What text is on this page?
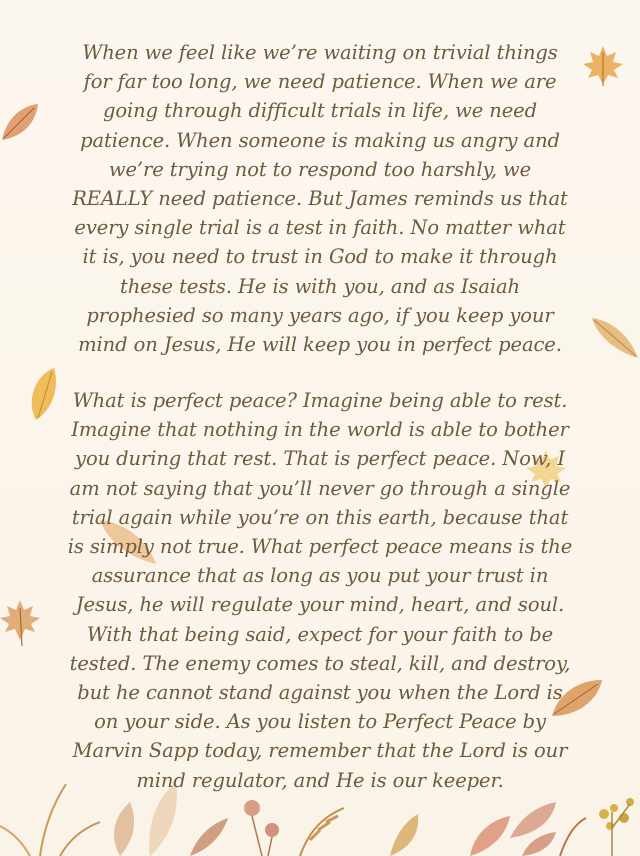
When we feel like we’re waiting on trivial things
for far too long, we need patience. When we are
going through difficult trials in life, we need
patience. When someone is making us angry and
we’re trying not to respond too harshly, we
REALLY need patience. But James reminds us that
every single trial is a test in faith. No matter what
it is, you need to trust in God to make it through
these tests. He is with you, and as Isaiah
prophesied so many years ago, if you keep your
mind on Jesus, He will keep you in perfect peace.
What is perfect peace? Imagine being able to rest.
Imagine that nothing in the world is able to bother
you during that rest. That is perfect peace. Now, I
am not saying that you’ll never go through a single
trial again while you’re on this earth, because that
is simply not true. What perfect peace means is the
assurance that as long as you put your trust in
Jesus, he will regulate your mind, heart, and soul.
With that being said, expect for your faith to be
tested. The enemy comes to steal, kill, and destroy,
but he cannot stand against you when the Lord is
on your side. As you listen to Perfect Peace by
Marvin Sapp today, remember that the Lord is our
mind regulator, and He is our keeper.
